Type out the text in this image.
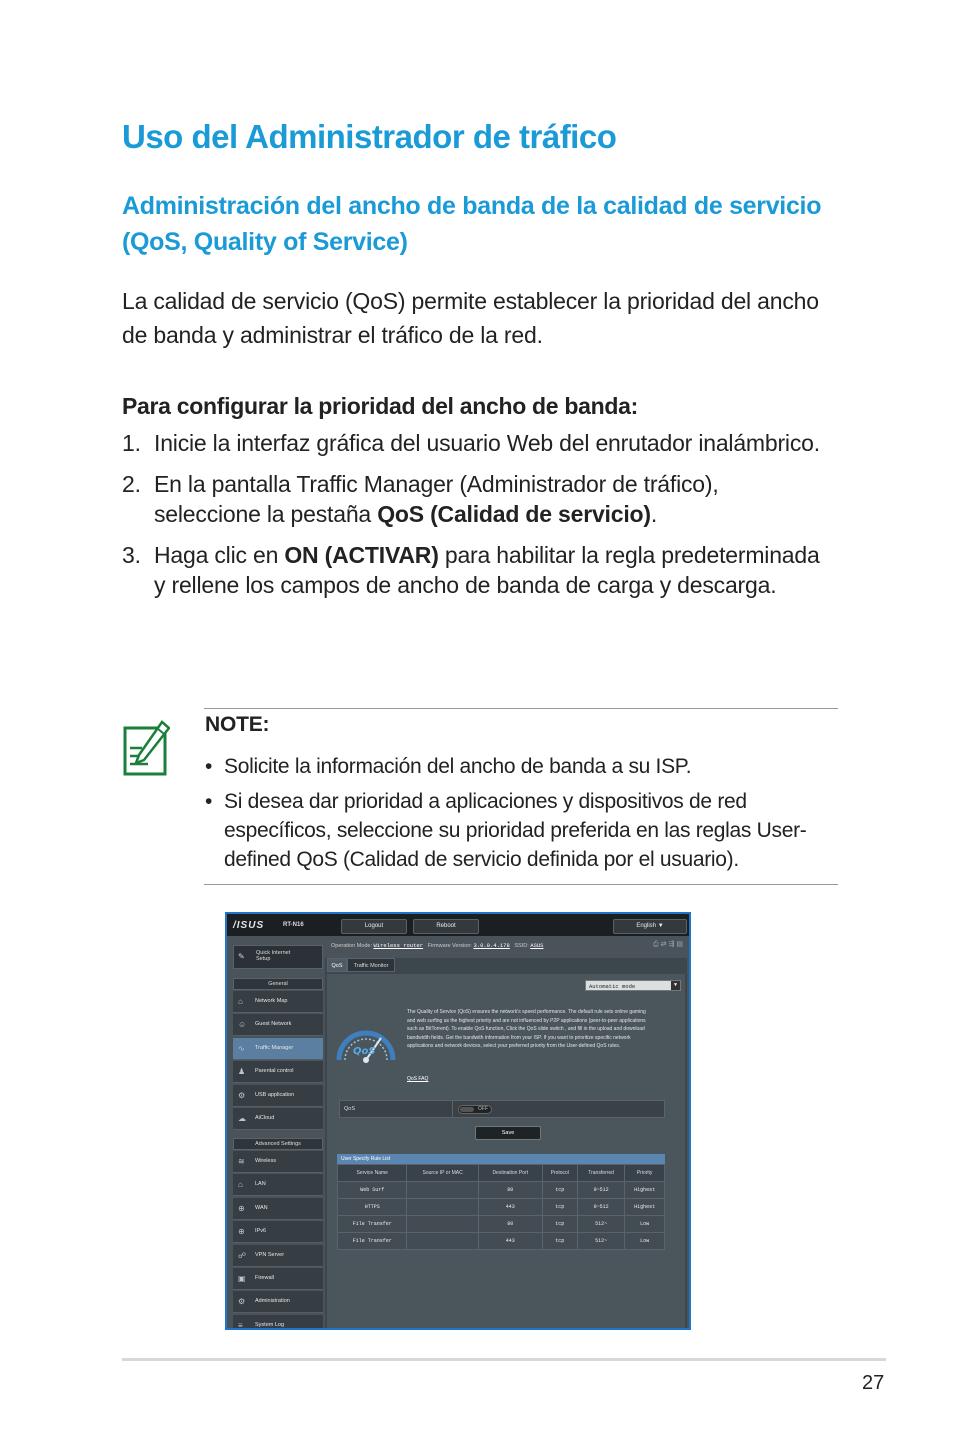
Uso del Administrador de tráfico
Administración del ancho de banda de la calidad de servicio (QoS, Quality of Service)
La calidad de servicio (QoS) permite establecer la prioridad del ancho de banda y administrar el tráfico de la red.
Para configurar la prioridad del ancho de banda:
1. Inicie la interfaz gráfica del usuario Web del enrutador inalámbrico.
2. En la pantalla Traffic Manager (Administrador de tráfico), seleccione la pestaña QoS (Calidad de servicio).
3. Haga clic en ON (ACTIVAR) para habilitar la regla predeterminada y rellene los campos de ancho de banda de carga y descarga.
NOTE:
• Solicite la información del ancho de banda a su ISP.
• Si desea dar prioridad a aplicaciones y dispositivos de red específicos, seleccione su prioridad preferida en las reglas User-defined QoS (Calidad de servicio definida por el usuario).
/ISUS	RT-N16	Logout	Reboot	English ▼
Operation Mode: Wireless router Firmware Version: 3.0.0.4.178 SSID: ASUS	⎙⇄⇶▤
✎ Quick Internet Setup
General
⌂ Network Map
☺ Guest Network
∿ Traffic Manager
♟ Parental control
⚙ USB application
☁ AiCloud
Advanced Settings
≋ Wireless
⌂ LAN
⊕ WAN
⊕ IPv6
☍ VPN Server
▣ Firewall
⚙ Administration
≡ System Log
QoS	Traffic Monitor
Automatic mode	▼
QoS
The Quality of Service (QoS) ensures the network's speed performance. The default rule sets online gaming and web surfing as the highest priority and are not influenced by P2P applications (peer-to-peer applications such as BitTorrent). To enable QoS function, Click the QoS slide switch , and fill in the upload and download bandwidth fields. Get the bandwith information from your ISP. If you want to prioritize specific network applications and network devices, select your preferred priority from the User-defined QoS rules.
QoS FAQ
QoS	OFF
Save
User Specify Rule List
Service Name	Source IP or MAC	Destination Port	Protocol	Transferred	Priority
Web Surf		80	tcp	0~512	Highest
HTTPS		443	tcp	0~512	Highest
File Transfer		80	tcp	512~	Low
File Transfer		443	tcp	512~	Low
27
